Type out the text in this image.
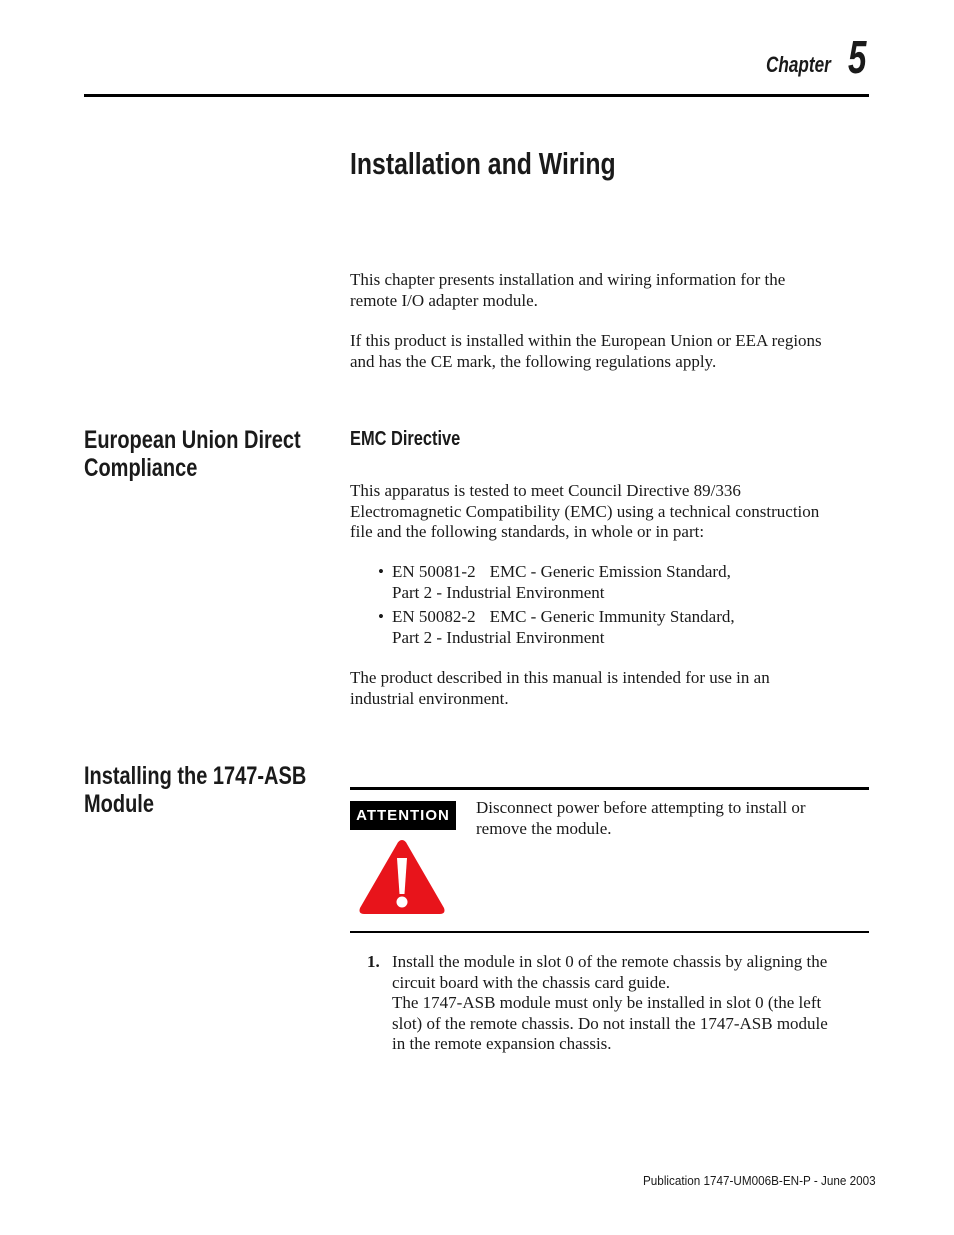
Chapter 5
Installation and Wiring
This chapter presents installation and wiring information for the
remote I/O adapter module.
If this product is installed within the European Union or EEA regions
and has the CE mark, the following regulations apply.
European Union Direct
Compliance
EMC Directive
This apparatus is tested to meet Council Directive 89/336
Electromagnetic Compatibility (EMC) using a technical construction
file and the following standards, in whole or in part:
• EN 50081-2 EMC - Generic Emission Standard,
Part 2 - Industrial Environment
• EN 50082-2 EMC - Generic Immunity Standard,
Part 2 - Industrial Environment
The product described in this manual is intended for use in an
industrial environment.
Installing the 1747-ASB
Module	ATTENTION Disconnect power before attempting to install or
remove the module.
1. Install the module in slot 0 of the remote chassis by aligning the
circuit board with the chassis card guide.
The 1747-ASB module must only be installed in slot 0 (the left
slot) of the remote chassis. Do not install the 1747-ASB module
in the remote expansion chassis.
Publication 1747-UM006B-EN-P - June 2003
